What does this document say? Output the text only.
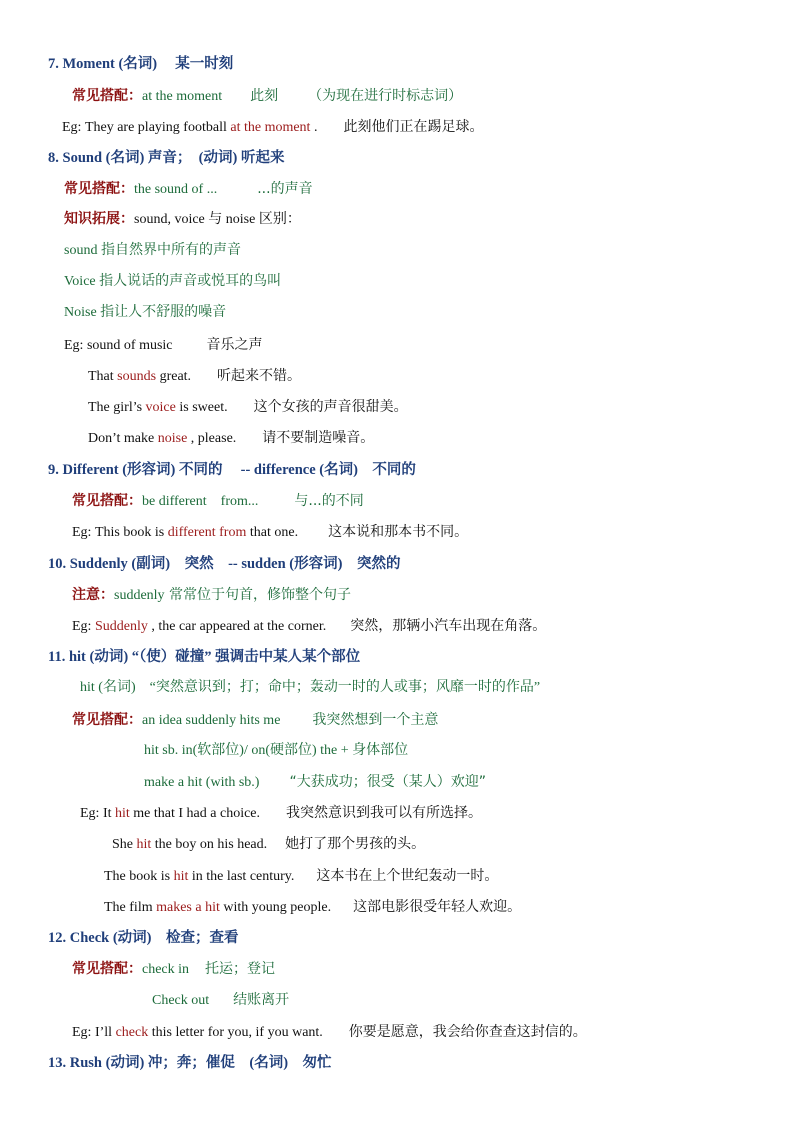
7. Moment (名词)　 某一时刻
常见搭配：at the moment 此刻 （为现在进行时标志词）
Eg: They are playing football at the moment . 此刻他们正在踢足球。
8. Sound (名词) 声音；　(动词) 听起来
常见搭配：the sound of ...	...的声音
知识拓展：sound, voice 与 noise 区别：
sound 指自然界中所有的声音
Voice 指人说话的声音或悦耳的鸟叫
Noise 指让人不舒服的噪音
Eg: sound of music 音乐之声
That sounds great. 听起来不错。
The girl’s voice is sweet. 这个女孩的声音很甜美。
Don’t make noise , please. 请不要制造噪音。
9. Different (形容词) 不同的　 -- difference (名词)　不同的
常见搭配：be different　from...	与...的不同
Eg: This book is different from that one. 这本说和那本书不同。
10. Suddenly (副词)　突然　-- sudden (形容词)　突然的
注意：suddenly 常常位于句首，修饰整个句子
Eg: Suddenly , the car appeared at the corner. 突然，那辆小汽车出现在角落。
11. hit (动词) “（使）碰撞” 强调击中某人某个部位
hit (名词)　“突然意识到；打；命中；轰动一时的人或事；风靡一时的作品”
常见搭配：an idea suddenly hits me 我突然想到一个主意
hit sb. in(软部位)/ on(硬部位) the + 身体部位
make a hit (with sb.) “大获成功；很受（某人）欢迎”
Eg: It hit me that I had a choice. 我突然意识到我可以有所选择。
She hit the boy on his head. 她打了那个男孩的头。
The book is hit in the last century. 这本书在上个世纪轰动一时。
The film makes a hit with young people. 这部电影很受年轻人欢迎。
12. Check (动词)　检查；查看
常见搭配：check in 托运；登记
Check out 结账离开
Eg: I’ll check this letter for you, if you want. 你要是愿意，我会给你查查这封信的。
13. Rush (动词) 冲；奔；催促　(名词)　匆忙
